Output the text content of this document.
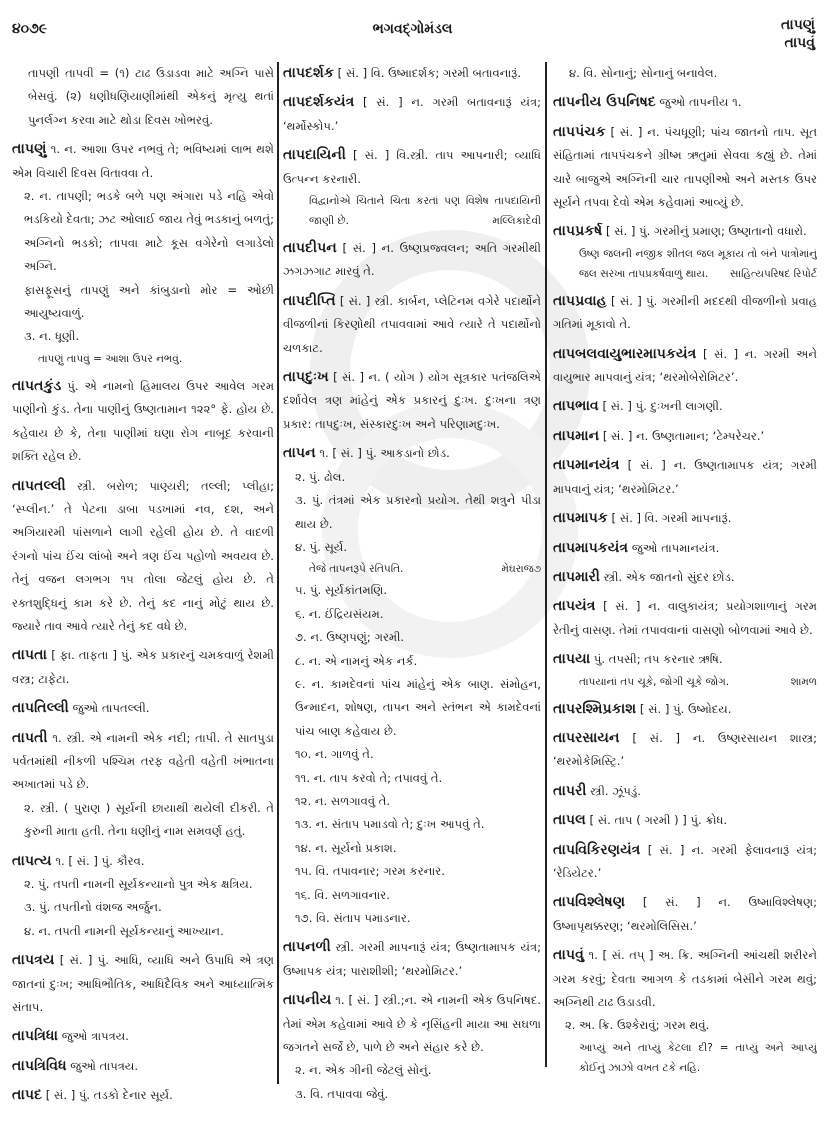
૪૦૭૯	ભગવદ્ગોમંડલ	તાપણું
તાપવું
તાપણી તાપવી = (૧) ટાઢ ઉડાડવા માટે અગ્નિ પાસે બેસવું. (૨) ધણીધણિયાણીમાંથી એકનું મૃત્યુ થતાં પુનર્લગ્ન કરવા માટે થોડા દિવસ ખોભરવું.
તાપણું ૧. ન. આશા ઉપર નભવું તે; ભવિષ્યમાં લાભ થશે એમ વિચારી દિવસ વિતાવવા તે.
૨. ન. તાપણી; ભડકે બળે પણ અંગારા પડે નહિ એવો ભડકિયો દેવતા; ઝટ ઓલાઈ જાય તેવું ભડકાનું બળતું; અગ્નિનો ભડકો; તાપવા માટે કૂસ વગેરેનો લગાડેલો અગ્નિ.
ફાસફૂસનું તાપણું અને કાંબુડાનો મોર = ઓછી આયુષ્યવાળું.
૩. ન. ધૂણી.
તાપણું તાપવું = આશા ઉપર નભવું.
તાપતકુંડ પું. એ નામનો હિમાલય ઉપર આવેલ ગરમ પાણીનો કુંડ. તેના પાણીનું ઉષ્ણતામાન ૧૨૨° ફે. હોય છે. કહેવાય છે કે, તેના પાણીમાં ઘણા રોગ નાબૂદ કરવાની શક્તિ રહેલ છે.
તાપતલ્લી સ્ત્રી. બરોળ; પાણ્યરી; તલ્લી; પ્લીહા; ‘સ્પ્લીન.’ તે પેટના ડાબા પડખામાં નવ, દશ, અને અગિયારમી પાંસળાને લાગી રહેલી હોય છે. તે વાદળી રંગનો પાંચ ઈંચ લાંબો અને ત્રણ ઈંચ પહોળો અવયવ છે. તેનું વજન લગભગ ૧૫ તોલા જેટલું હોય છે. તે રક્તશુદ્ધિનું કામ કરે છે. તેનું કદ નાનું મોટું થાય છે. જ્યારે તાવ આવે ત્યારે તેનું કદ વધે છે.
તાપતા [ ફા. તાફતા ] પું. એક પ્રકારનું ચમકવાળું રેશમી વસ્ત્ર; ટાફેટા.
તાપતિલ્લી જુઓ તાપતલ્લી.
તાપતી ૧. સ્ત્રી. એ નામની એક નદી; તાપી. તે સાતપુડા પર્વતમાંથી નીકળી પશ્ચિમ તરફ વહેતી વહેતી ખંભાતના અખાતમાં પડે છે.
૨. સ્ત્રી. ( પુરાણ ) સૂર્યની છાયાથી થયેલી દીકરી. તે કુરુની માતા હતી. તેના ધણીનું નામ સમવર્ણ હતું.
તાપત્ય ૧. [ સં. ] પું. કૌરવ.
૨. પું. તપતી નામની સૂર્યકન્યાનો પુત્ર એક ક્ષત્રિય.
૩. પું. તપતીનો વંશજ અર્જુન.
૪. ન. તપતી નામની સૂર્યકન્યાનું આખ્યાન.
તાપત્રય [ સં. ] પું. આધિ, વ્યાધિ અને ઉપાધિ એ ત્રણ જાતનાં દુઃખ; આધિભૌતિક, આધિદૈવિક અને આધ્યાત્મિક સંતાપ.
તાપત્રિધા જુઓ ત્રાપત્રય.
તાપત્રિવિધ જુઓ તાપત્રય.
તાપદ [ સં. ] પું. તડકો દેનાર સૂર્ય.
તાપદર્શક [ સં. ] વિ. ઉષ્માદર્શક; ગરમી બતાવનારૂં.
તાપદર્શકયંત્ર [ સં. ] ન. ગરમી બતાવનારૂં યંત્ર; ‘થર્મોસ્કોપ.’
તાપદાયિની [ સં. ] વિ.સ્ત્રી. તાપ આપનારી; વ્યાધિ ઉત્પન્ન કરનારી.
વિદ્વાનોએ ચિતાને ચિતા કરતાં પણ વિશેષ તાપદાયિની જાણી છે.	મલ્લિકાદેવી
તાપદીપન [ સં. ] ન. ઉષ્ણપ્રજ્વલન; અતિ ગરમીથી ઝગઝગાટ મારવું તે.
તાપદીપ્તિ [ સં. ] સ્ત્રી. કાર્બન, પ્લેટિનમ વગેરે પદાર્થોને વીજળીનાં કિરણોથી તપાવવામાં આવે ત્યારે તે પદાર્થોનો ચળકાટ.
તાપદુઃખ [ સં. ] ન. ( યોગ ) યોગ સૂત્રકાર પતંજલિએ દર્શાવેલ ત્રણ માંહેનું એક પ્રકારનું દુઃખ. દુઃખના ત્રણ પ્રકાર: તાપદુઃખ, સંસ્કારદુઃખ અને પરિણામદુઃખ.
તાપન ૧. [ સં. ] પું. આકડાનો છોડ.
૨. પું. ઢોલ.
૩. પું. તંત્રમાં એક પ્રકારનો પ્રયોગ. તેથી શત્રુને પીડા થાય છે.
૪. પું. સૂર્ય.
તેજે તાપનરૂપે રતિપતિ.	મેઘરાજ૭
૫. પું. સૂર્યકાંતમણિ.
૬. ન. ઈંદ્રિયસંયમ.
૭. ન. ઉષ્ણપણું; ગરમી.
૮. ન. એ નામનું એક નર્ક.
૯. ન. કામદેવનાં પાંચ માંહેનું એક બાણ. સંમોહન, ઉન્માદન, શોષણ, તાપન અને સ્તંભન એ કામદેવનાં પાંચ બાણ કહેવાય છે.
૧૦. ન. ગાળવું તે.
૧૧. ન. તાપ કરવો તે; તપાવવું તે.
૧૨. ન. સળગાવવું તે.
૧૩. ન. સંતાપ પમાડવો તે; દુઃખ આપવું તે.
૧૪. ન. સૂર્યનો પ્રકાશ.
૧૫. વિ. તપાવનાર; ગરમ કરનાર.
૧૬. વિ. સળગાવનાર.
૧૭. વિ. સંતાપ પમાડનાર.
તાપનળી સ્ત્રી. ગરમી માપનારૂં યંત્ર; ઉષ્ણતામાપક યંત્ર; ઉષ્માપક યંત્ર; પારાશીશી; ‘થરમોમિટર.’
તાપનીય ૧. [ સં. ] સ્ત્રી.;ન. એ નામની એક ઉપનિષદ. તેમાં એમ કહેવામાં આવે છે કે નૃસિંહની માયા આ સઘળા જગતને સર્જે છે, પાળે છે અને સંહાર કરે છે.
૨. ન. એક ગીની જેટલું સોનું.
૩. વિ. તપાવવા જેવું.
૪. વિ. સોનાનું; સોનાનું બનાવેલ.
તાપનીય ઉપનિષદ જુઓ તાપનીય ૧.
તાપપંચક [ સં. ] ન. પંચધૂણી; પાંચ જાતનો તાપ. સૂત સંહિતામાં તાપપંચકને ગ્રીષ્મ ઋતુમાં સેવવા કહ્યું છે. તેમાં ચારે બાજુએ અગ્નિની ચાર તાપણીઓ અને મસ્તક ઉપર સૂર્યને તપવા દેવો એમ કહેવામાં આવ્યું છે.
તાપપ્રકર્ષ [ સં. ] પું. ગરમીનું પ્રમાણ; ઉષ્ણતાનો વધારો.
ઉષ્ણ જલની નજીક શીતલ જલ મૂકાય તો બંને પાત્રોમાંનું જલ સરખા તાપપ્રકર્ષવાળું થાય. સાહિત્યપરિષદ રિપોર્ટ
તાપપ્રવાહ [ સં. ] પું. ગરમીની મદદથી વીજળીનો પ્રવાહ ગતિમાં મૂકાવો તે.
તાપબલવાયુભારમાપકયંત્ર [ સં. ] ન. ગરમી અને વાયુભાર માપવાનું યંત્ર; ‘થરમોબેરોમિટર’.
તાપભાવ [ સં. ] પું. દુઃખની લાગણી.
તાપમાન [ સં. ] ન. ઉષ્ણતામાન; ‘ટેમ્પરેચર.’
તાપમાનયંત્ર [ સં. ] ન. ઉષ્ણતામાપક યંત્ર; ગરમી માપવાનું યંત્ર; ‘થરમોમિટર.’
તાપમાપક [ સં. ] વિ. ગરમી માપનારૂં.
તાપમાપકયંત્ર જુઓ તાપમાનયંત્ર.
તાપમારી સ્ત્રી. એક જાતનો સુંદર છોડ.
તાપયંત્ર [ સં. ] ન. વાલુકાયંત્ર; પ્રયોગશાળાનું ગરમ રેતીનું વાસણ. તેમાં તપાવવાનાં વાસણો બોળવામાં આવે છે.
તાપયા પું. તપસી; તપ કરનાર ઋષિ.
તાપયાનાં તપ ચૂકે, જોગી ચૂકે જોગ.	શામળ
તાપરશ્મિપ્રકાશ [ સં. ] પું. ઉષ્મોદય.
તાપરસાયન [ સં. ] ન. ઉષ્ણરસાયન શાસ્ત્ર; ‘થરમોકેમિસ્ટ્રિ.’
તાપરી સ્ત્રી. ઝૂંપડું.
તાપલ [ સં. તાપ ( ગરમી ) ] પું. ક્રોધ.
તાપવિકિરણયંત્ર [ સં. ] ન. ગરમી ફેલાવનારૂં યંત્ર; ‘રેડિયેટર.’
તાપવિશ્લેષણ [ સં. ] ન. ઉષ્માવિશ્લેષણ; ઉષ્માપૃથક્કરણ; ‘થરમોલિસિસ.’
તાપવું ૧. [ સં. તપ્ ] અ. ક્રિ. અગ્નિની આંચથી શરીરને ગરમ કરવું; દેવતા આગળ કે તડકામાં બેસીને ગરમ થવું; અગ્નિથી ટાઢ ઉડાડવી.
૨. અ. ક્રિ. ઉશ્કેરાવું; ગરમ થવું.
આપ્યું અને તાપ્યું કેટલા દી? = તાપ્યું અને આપ્યું કોઈનું ઝાઝો વખત ટકે નહિ.
